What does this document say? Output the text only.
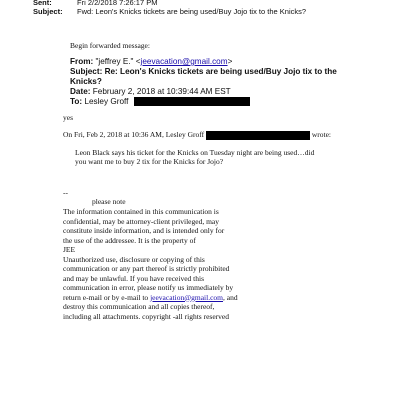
Sent:	Fri 2/2/2018 7:26:17 PM
Subject: Fwd: Leon's Knicks tickets are being used/Buy Jojo tix to the Knicks?
Begin forwarded message:
From: "jeffrey E." <jeevacation@gmail.com>
Subject: Re: Leon's Knicks tickets are being used/Buy Jojo tix to the
Knicks?
Date: February 2, 2018 at 10:39:44 AM EST
To: Lesley Groff
yes
On Fri, Feb 2, 2018 at 10:36 AM, Lesley Groff	wrote:
Leon Black says his ticket for the Knicks on Tuesday night are being used…did
you want me to buy 2 tix for the Knicks for Jojo?
--
please note
The information contained in this communication is
confidential, may be attorney-client privileged, may
constitute inside information, and is intended only for
the use of the addressee. It is the property of
JEE
Unauthorized use, disclosure or copying of this
communication or any part thereof is strictly prohibited
and may be unlawful. If you have received this
communication in error, please notify us immediately by
return e-mail or by e-mail to jeevacation@gmail.com, and
destroy this communication and all copies thereof,
including all attachments. copyright -all rights reserved
